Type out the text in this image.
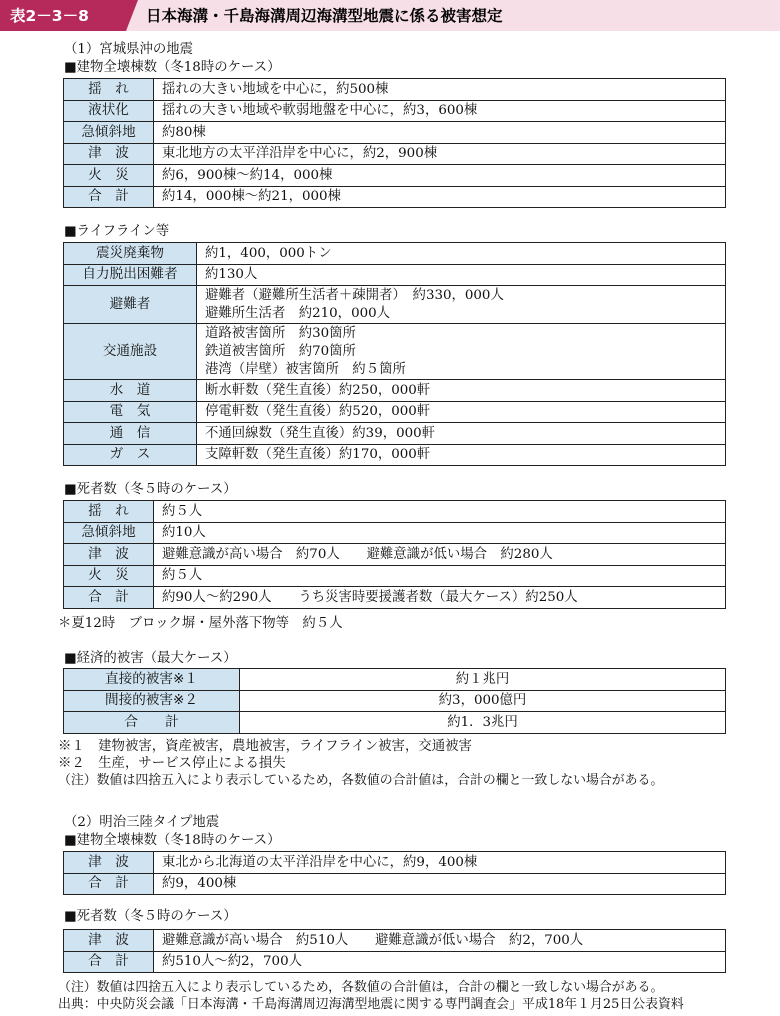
表2－3－8	日本海溝・千島海溝周辺海溝型地震に係る被害想定
（1）宮城県沖の地震
■建物全壊棟数（冬18時のケース）
揺　れ	揺れの大きい地域を中心に，約500棟
液状化	揺れの大きい地域や軟弱地盤を中心に，約3，600棟
急傾斜地	約80棟
津　波	東北地方の太平洋沿岸を中心に，約2，900棟
火　災	約6，900棟～約14，000棟
合　計	約14，000棟～約21，000棟
■ライフライン等
震災廃棄物	約1，400，000トン
自力脱出困難者	約130人
避難者	避難者（避難所生活者＋疎開者）　約330，000人
避難所生活者　約210，000人

交通施設	道路被害箇所　約30箇所
鉄道被害箇所　約70箇所
港湾（岸壁）被害箇所　約５箇所

水　道	断水軒数（発生直後）約250，000軒
電　気	停電軒数（発生直後）約520，000軒
通　信	不通回線数（発生直後）約39，000軒
ガ　ス	支障軒数（発生直後）約170，000軒
■死者数（冬５時のケース）
揺　れ	約５人
急傾斜地	約10人
津　波	避難意識が高い場合　約70人　　避難意識が低い場合　約280人
火　災	約５人
合　計	約90人～約290人　　うち災害時要援護者数（最大ケース）約250人
＊夏12時　ブロック塀・屋外落下物等　約５人
■経済的被害（最大ケース）
直接的被害※１	約１兆円
間接的被害※２	約3，000億円
合　　計	約1．3兆円
※１　建物被害，資産被害，農地被害，ライフライン被害，交通被害
※２　生産，サービス停止による損失
（注）数値は四捨五入により表示しているため，各数値の合計値は，合計の欄と一致しない場合がある。
（2）明治三陸タイプ地震
■建物全壊棟数（冬18時のケース）
津　波	東北から北海道の太平洋沿岸を中心に，約9，400棟
合　計	約9，400棟
■死者数（冬５時のケース）
津　波	避難意識が高い場合　約510人　　避難意識が低い場合　約2，700人
合　計	約510人～約2，700人
（注）数値は四捨五入により表示しているため，各数値の合計値は，合計の欄と一致しない場合がある。
出典：中央防災会議「日本海溝・千島海溝周辺海溝型地震に関する専門調査会」平成18年１月25日公表資料
